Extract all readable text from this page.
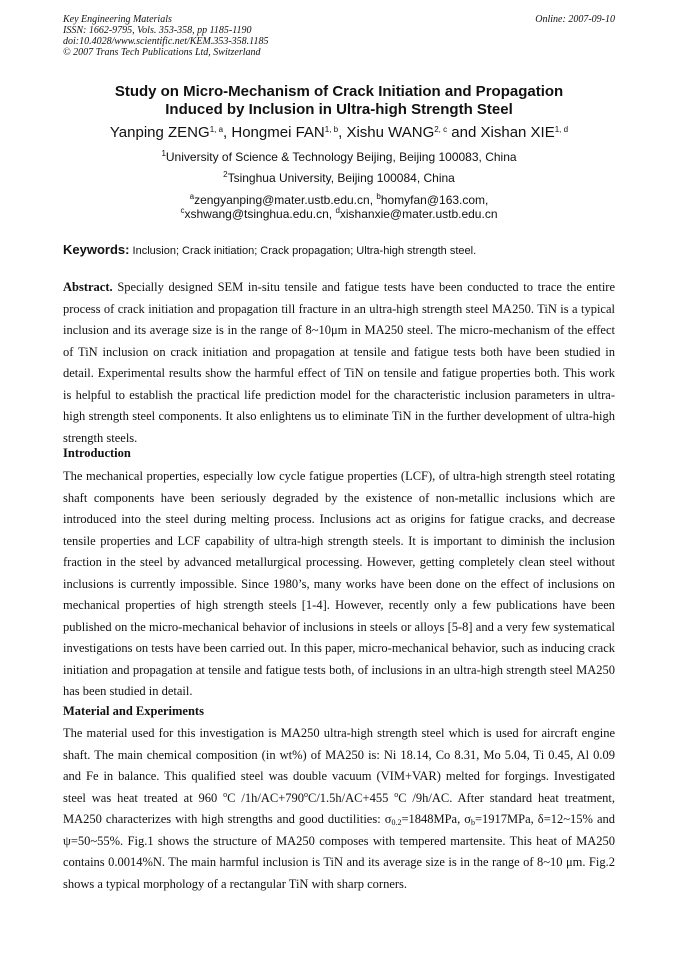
Key Engineering Materials
ISSN: 1662-9795, Vols. 353-358, pp 1185-1190
doi:10.4028/www.scientific.net/KEM.353-358.1185
© 2007 Trans Tech Publications Ltd, Switzerland
Online: 2007-09-10
Study on Micro-Mechanism of Crack Initiation and Propagation
Induced by Inclusion in Ultra-high Strength Steel
Yanping ZENG$^{1, a}$, Hongmei FAN$^{1, b}$, Xishu WANG$^{2, c}$ and Xishan XIE$^{1, d}$
$^1$University of Science & Technology Beijing, Beijing 100083, China
$^2$Tsinghua University, Beijing 100084, China
$^a$zengyanping@mater.ustb.edu.cn, $^b$homyfan@163.com,
$^c$xshwang@tsinghua.edu.cn, $^d$xishanxie@mater.ustb.edu.cn
Keywords: Inclusion; Crack initiation; Crack propagation; Ultra-high strength steel.
Abstract. Specially designed SEM in-situ tensile and fatigue tests have been conducted to trace the entire process of crack initiation and propagation till fracture in an ultra-high strength steel MA250. TiN is a typical inclusion and its average size is in the range of 8~10μm in MA250 steel. The micro-mechanism of the effect of TiN inclusion on crack initiation and propagation at tensile and fatigue tests both have been studied in detail. Experimental results show the harmful effect of TiN on tensile and fatigue properties both. This work is helpful to establish the practical life prediction model for the characteristic inclusion parameters in ultra-high strength steel components. It also enlightens us to eliminate TiN in the further development of ultra-high strength steels.
Introduction
The mechanical properties, especially low cycle fatigue properties (LCF), of ultra-high strength steel rotating shaft components have been seriously degraded by the existence of non-metallic inclusions which are introduced into the steel during melting process. Inclusions act as origins for fatigue cracks, and decrease tensile properties and LCF capability of ultra-high strength steels. It is important to diminish the inclusion fraction in the steel by advanced metallurgical processing. However, getting completely clean steel without inclusions is currently impossible. Since 1980’s, many works have been done on the effect of inclusions on mechanical properties of high strength steels [1-4]. However, recently only a few publications have been published on the micro-mechanical behavior of inclusions in steels or alloys [5-8] and a very few systematical investigations on tests have been carried out. In this paper, micro-mechanical behavior, such as inducing crack initiation and propagation at tensile and fatigue tests both, of inclusions in an ultra-high strength steel MA250 has been studied in detail.
Material and Experiments
The material used for this investigation is MA250 ultra-high strength steel which is used for aircraft engine shaft. The main chemical composition (in wt%) of MA250 is: Ni 18.14, Co 8.31, Mo 5.04, Ti 0.45, Al 0.09 and Fe in balance. This qualified steel was double vacuum (VIM+VAR) melted for forgings. Investigated steel was heat treated at 960 $^o$C $/1h/AC+790^oC/1.5h/AC+455$ $^o$C /9h/AC. After standard heat treatment, MA250 characterizes with high strengths and good ductilities: $\sigma_{0.2}=1848MPa$, $\sigma_b=1917MPa$, δ=12~15% and ψ=50~55%. Fig.1 shows the structure of MA250 composes with tempered martensite. This heat of MA250 contains 0.0014%N. The main harmful inclusion is TiN and its average size is in the range of 8~10 μm. Fig.2 shows a typical morphology of a rectangular TiN with sharp corners.
